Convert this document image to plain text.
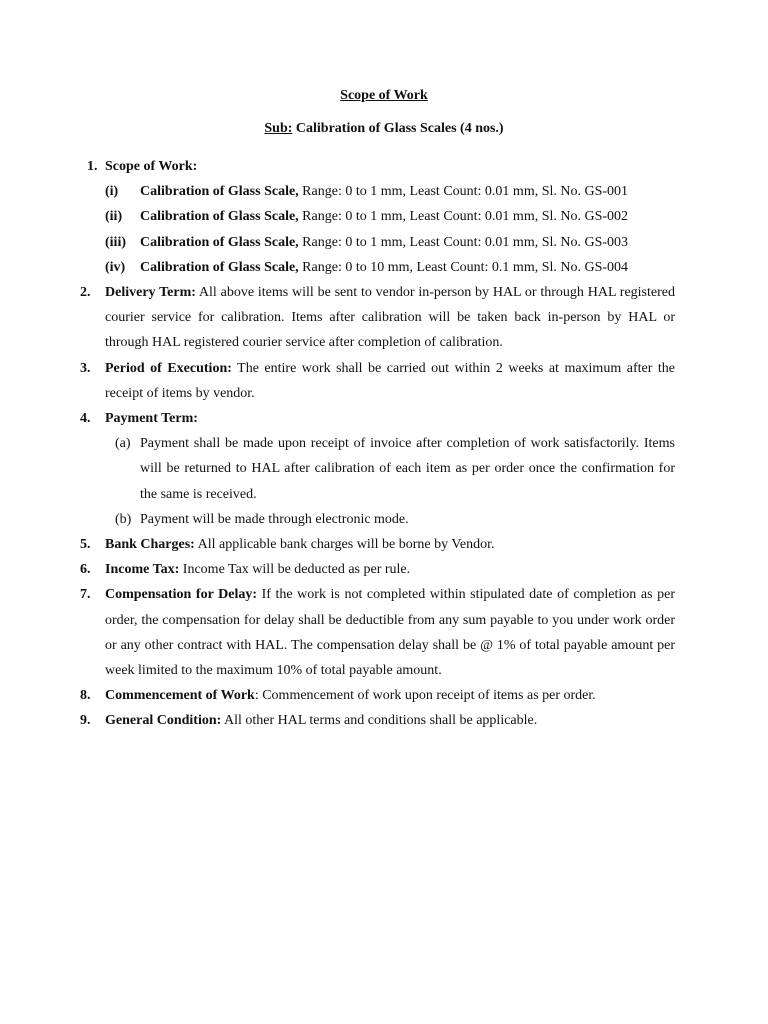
Scope of Work
Sub: Calibration of Glass Scales (4 nos.)
1. Scope of Work:
(i) Calibration of Glass Scale, Range: 0 to 1 mm, Least Count: 0.01 mm, Sl. No. GS-001
(ii) Calibration of Glass Scale, Range: 0 to 1 mm, Least Count: 0.01 mm, Sl. No. GS-002
(iii) Calibration of Glass Scale, Range: 0 to 1 mm, Least Count: 0.01 mm, Sl. No. GS-003
(iv) Calibration of Glass Scale, Range: 0 to 10 mm, Least Count: 0.1 mm, Sl. No. GS-004
2.	Delivery Term: All above items will be sent to vendor in-person by HAL or through HAL registered courier service for calibration. Items after calibration will be taken back in-person by HAL or through HAL registered courier service after completion of calibration.
3.	Period of Execution: The entire work shall be carried out within 2 weeks at maximum after the receipt of items by vendor.
4.	Payment Term:
(a) Payment shall be made upon receipt of invoice after completion of work satisfactorily. Items will be returned to HAL after calibration of each item as per order once the confirmation for the same is received.
(b) Payment will be made through electronic mode.
5.	Bank Charges: All applicable bank charges will be borne by Vendor.
6.	Income Tax: Income Tax will be deducted as per rule.
7.	Compensation for Delay: If the work is not completed within stipulated date of completion as per order, the compensation for delay shall be deductible from any sum payable to you under work order or any other contract with HAL. The compensation delay shall be @ 1% of total payable amount per week limited to the maximum 10% of total payable amount.
8.	Commencement of Work: Commencement of work upon receipt of items as per order.
9.	General Condition: All other HAL terms and conditions shall be applicable.
